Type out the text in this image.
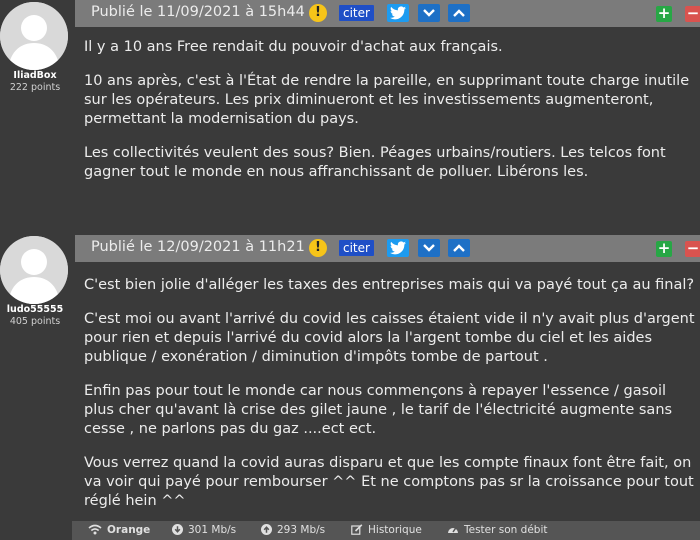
IliadBox
222 points
Publié le 11/09/2021 à 15h44 !	citer	+ −

Il y a 10 ans Free rendait du pouvoir d'achat aux français.

10 ans après, c'est à l'État de rendre la pareille, en supprimant toute charge inutile sur les opérateurs. Les prix diminueront et les investissements augmenteront, permettant la modernisation du pays.

Les collectivités veulent des sous? Bien. Péages urbains/routiers. Les telcos font gagner tout le monde en nous affranchissant de polluer. Libérons les.

ludo55555
405 points
Publié le 12/09/2021 à 11h21 !	citer	+ −

C'est bien jolie d'alléger les taxes des entreprises mais qui va payé tout ça au final?

C'est moi ou avant l'arrivé du covid les caisses étaient vide il n'y avait plus d'argent pour rien et depuis l'arrivé du covid alors la l'argent tombe du ciel et les aides publique / exonération / diminution d'impôts tombe de partout .

Enfin pas pour tout le monde car nous commençons à repayer l'essence / gasoil plus cher qu'avant là crise des gilet jaune , le tarif de l'électricité augmente sans cesse , ne parlons pas du gaz ....ect ect.

Vous verrez quand la covid auras disparu et que les compte finaux font être fait, on va voir qui payé pour rembourser ^^ Et ne comptons pas sr la croissance pour tout réglé hein ^^

Orange	301 Mb/s	293 Mb/s	Historique	Tester son débit
